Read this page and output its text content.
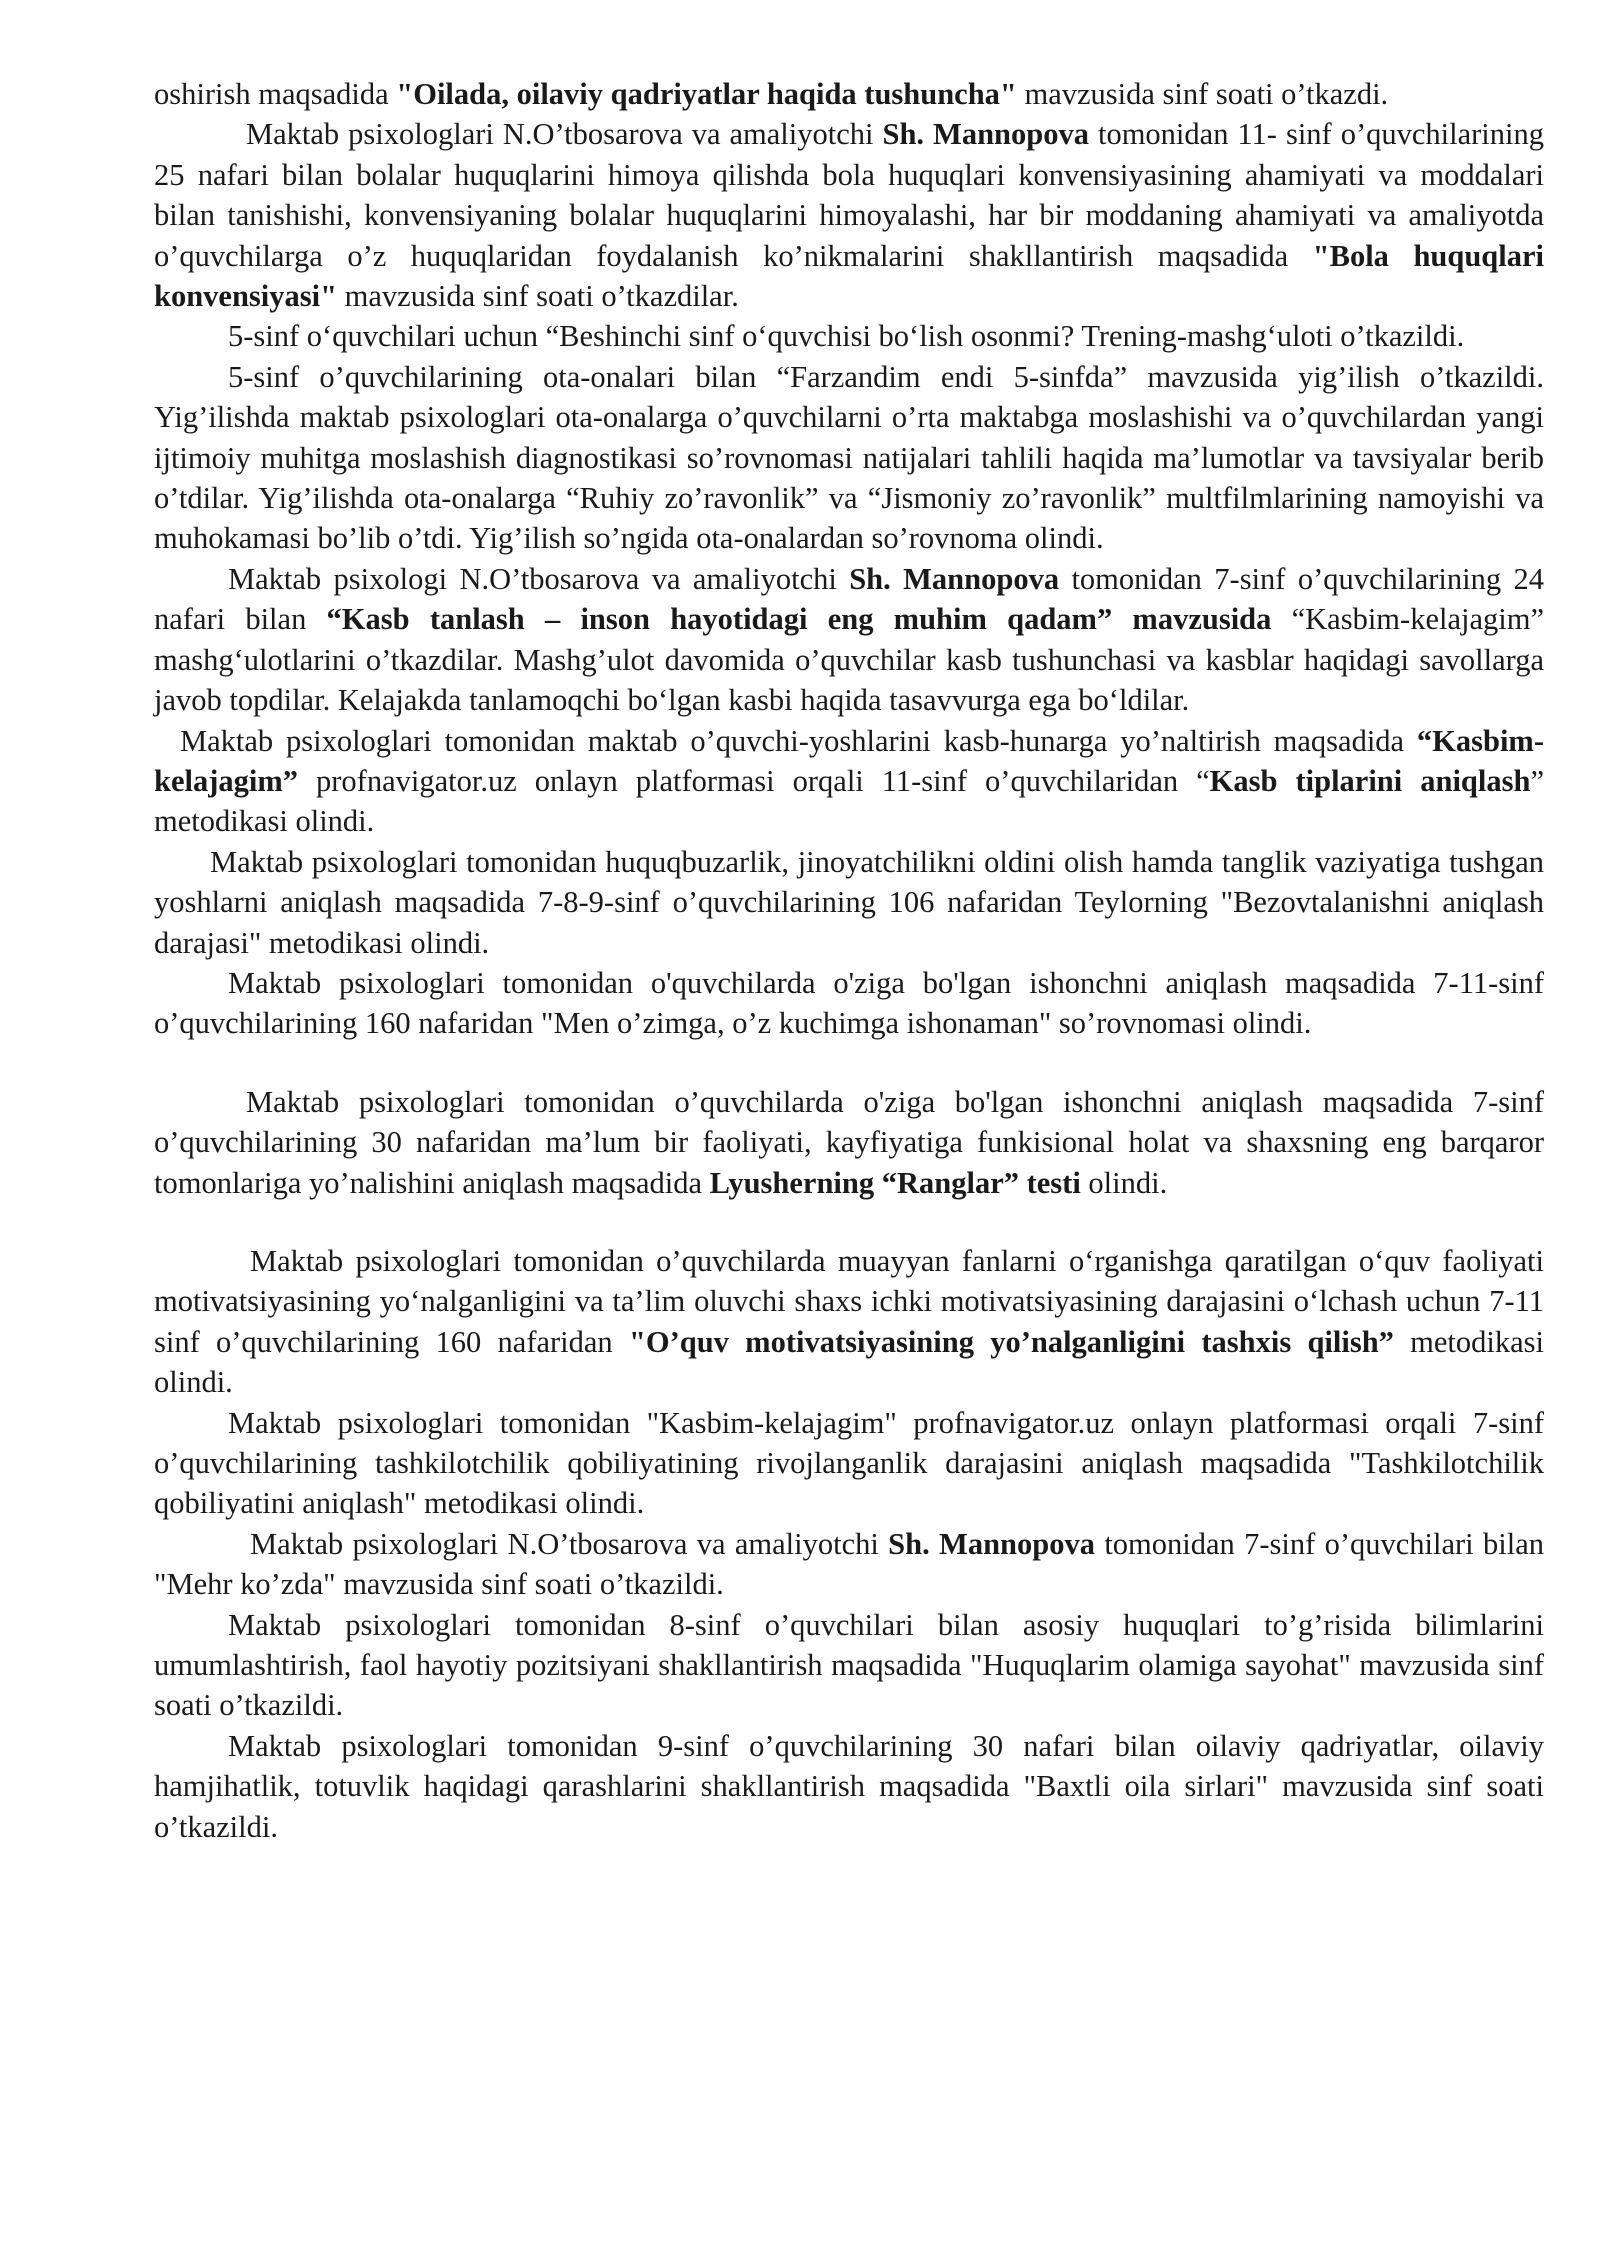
oshirish maqsadida "Oilada, oilaviy qadriyatlar haqida tushuncha" mavzusida sinf soati o’tkazdi.

Maktab psixologlari N.O’tbosarova va amaliyotchi Sh. Mannopova tomonidan 11- sinf o’quvchilarining 25 nafari bilan bolalar huquqlarini himoya qilishda bola huquqlari konvensiyasining ahamiyati va moddalari bilan tanishishi, konvensiyaning bolalar huquqlarini himoyalashi, har bir moddaning ahamiyati va amaliyotda o’quvchilarga o’z huquqlaridan foydalanish ko’nikmalarini shakllantirish maqsadida "Bola huquqlari konvensiyasi" mavzusida sinf soati o’tkazdilar.

5-sinf o‘quvchilari uchun “Beshinchi sinf o‘quvchisi bo‘lish osonmi? Trening-mashg‘uloti o’tkazildi.

5-sinf o’quvchilarining ota-onalari bilan “Farzandim endi 5-sinfda” mavzusida yig’ilish o’tkazildi. Yig’ilishda maktab psixologlari ota-onalarga o’quvchilarni o’rta maktabga moslashishi va o’quvchilardan yangi ijtimoiy muhitga moslashish diagnostikasi so’rovnomasi natijalari tahlili haqida ma’lumotlar va tavsiyalar berib o’tdilar. Yig’ilishda ota-onalarga “Ruhiy zo’ravonlik” va “Jismoniy zo’ravonlik” multfilmlarining namoyishi va muhokamasi bo’lib o’tdi. Yig’ilish so’ngida ota-onalardan so’rovnoma olindi.

Maktab psixologi N.O’tbosarova va amaliyotchi Sh. Mannopova tomonidan 7-sinf o’quvchilarining 24 nafari bilan “Kasb tanlash – inson hayotidagi eng muhim qadam” mavzusida “Kasbim-kelajagim” mashg‘ulotlarini o’tkazdilar. Mashg’ulot davomida o’quvchilar kasb tushunchasi va kasblar haqidagi savollarga javob topdilar. Kelajakda tanlamoqchi bo‘lgan kasbi haqida tasavvurga ega bo‘ldilar.

Maktab psixologlari tomonidan maktab o’quvchi-yoshlarini kasb-hunarga yo’naltirish maqsadida “Kasbim-kelajagim” profnavigator.uz onlayn platformasi orqali 11-sinf o’quvchilaridan “Kasb tiplarini aniqlash” metodikasi olindi.

Maktab psixologlari tomonidan huquqbuzarlik, jinoyatchilikni oldini olish hamda tanglik vaziyatiga tushgan yoshlarni aniqlash maqsadida 7-8-9-sinf o’quvchilarining 106 nafaridan Teylorning "Bezovtalanishni aniqlash darajasi" metodikasi olindi.

Maktab psixologlari tomonidan o'quvchilarda o'ziga bo'lgan ishonchni aniqlash maqsadida 7-11-sinf o’quvchilarining 160 nafaridan "Men o’zimga, o’z kuchimga ishonaman" so’rovnomasi olindi.

Maktab psixologlari tomonidan o’quvchilarda o'ziga bo'lgan ishonchni aniqlash maqsadida 7-sinf o’quvchilarining 30 nafaridan ma’lum bir faoliyati, kayfiyatiga funkisional holat va shaxsning eng barqaror tomonlariga yo’nalishini aniqlash maqsadida Lyusherning “Ranglar” testi olindi.

Maktab psixologlari tomonidan o’quvchilarda muayyan fanlarni o‘rganishga qaratilgan o‘quv faoliyati motivatsiyasining yo‘nalganligini va ta’lim oluvchi shaxs ichki motivatsiyasining darajasini o‘lchash uchun 7-11 sinf o’quvchilarining 160 nafaridan "O’quv motivatsiyasining yo’nalganligini tashxis qilish” metodikasi olindi.

Maktab psixologlari tomonidan "Kasbim-kelajagim" profnavigator.uz onlayn platformasi orqali 7-sinf o’quvchilarining tashkilotchilik qobiliyatining rivojlanganlik darajasini aniqlash maqsadida "Tashkilotchilik qobiliyatini aniqlash" metodikasi olindi.

Maktab psixologlari N.O’tbosarova va amaliyotchi Sh. Mannopova tomonidan 7-sinf o’quvchilari bilan "Mehr ko’zda" mavzusida sinf soati o’tkazildi.

Maktab psixologlari tomonidan 8-sinf o’quvchilari bilan asosiy huquqlari to’g’risida bilimlarini umumlashtirish, faol hayotiy pozitsiyani shakllantirish maqsadida "Huquqlarim olamiga sayohat" mavzusida sinf soati o’tkazildi.

Maktab psixologlari tomonidan 9-sinf o’quvchilarining 30 nafari bilan oilaviy qadriyatlar, oilaviy hamjihatlik, totuvlik haqidagi qarashlarini shakllantirish maqsadida "Baxtli oila sirlari" mavzusida sinf soati o’tkazildi.
